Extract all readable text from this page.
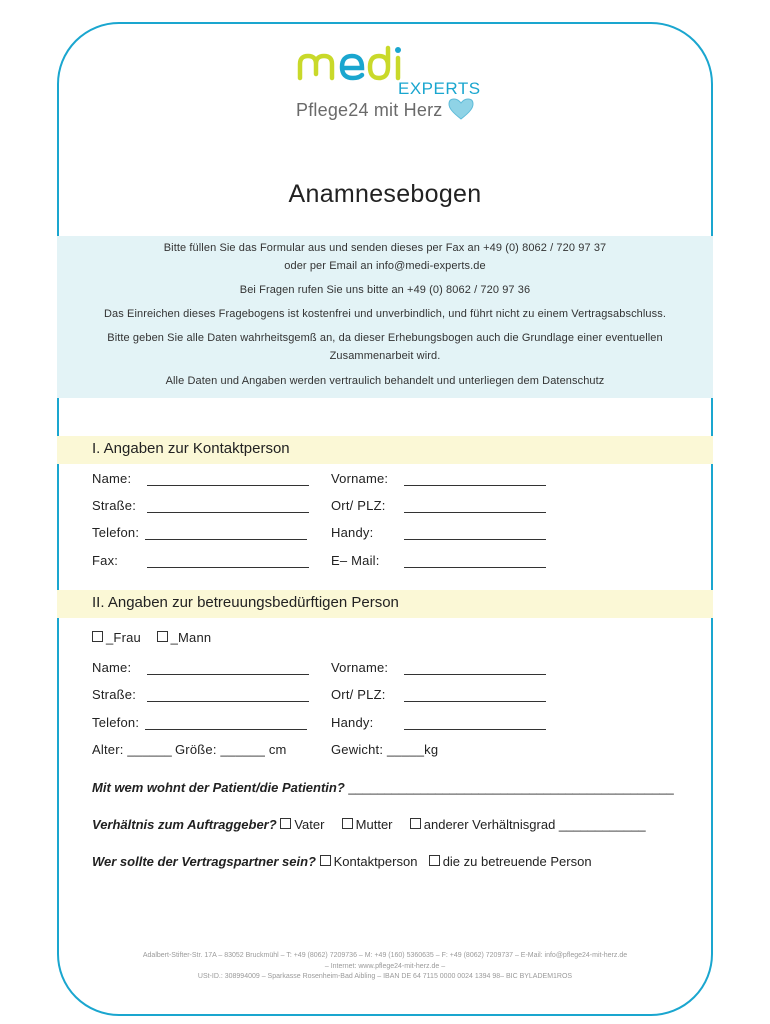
EXPERTS
Pflege24 mit Herz
Anamnesebogen
Bitte füllen Sie das Formular aus und senden dieses per Fax an +49 (0) 8062 / 720 97 37
oder per Email an info@medi-experts.de
Bei Fragen rufen Sie uns bitte an +49 (0) 8062 / 720 97 36
Das Einreichen dieses Fragebogens ist kostenfrei und unverbindlich, und führt nicht zu einem Vertragsabschluss.
Bitte geben Sie alle Daten wahrheitsgemß an, da dieser Erhebungsbogen auch die Grundlage einer eventuellen
Zusammenarbeit wird.
Alle Daten und Angaben werden vertraulich behandelt und unterliegen dem Datenschutz
I. Angaben zur Kontaktperson
Name:	Vorname:
Straße:	Ort/ PLZ:
Telefon:	Handy:
Fax:	E– Mail:
II. Angaben zur betreuungsbedürftigen Person
_Frau _Mann
Name:	Vorname:
Straße:	Ort/ PLZ:
Telefon:	Handy:
Alter: ______ Größe: ______ cm	Gewicht: _____kg
Mit wem wohnt der Patient/die Patientin? _____________________________________________
Verhältnis zum Auftraggeber? Vater Mutter anderer Verhältnisgrad ____________
Wer sollte der Vertragspartner sein? Kontaktperson die zu betreuende Person
Adalbert-Stifter-Str. 17A – 83052 Bruckmühl – T: +49 (8062) 7209736 – M: +49 (160) 5360635 – F: +49 (8062) 7209737 – E-Mail: info@pflege24-mit-herz.de
– Internet: www.pflege24-mit-herz.de –
USt-ID.: 308994009 – Sparkasse Rosenheim-Bad Aibling – IBAN DE 64 7115 0000 0024 1394 98– BIC BYLADEM1ROS
